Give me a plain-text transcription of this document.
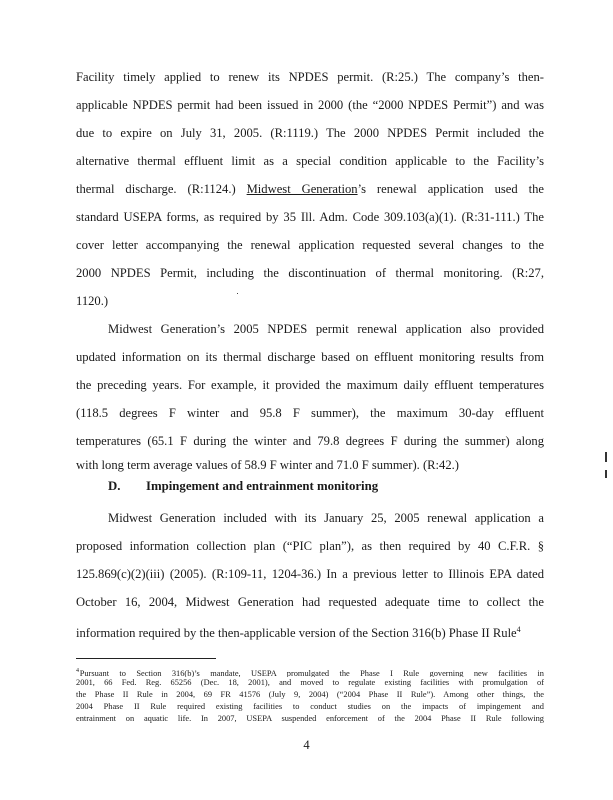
Facility timely applied to renew its NPDES permit. (R:25.) The company’s then-
applicable NPDES permit had been issued in 2000 (the “2000 NPDES Permit”) and was
due to expire on July 31, 2005. (R:1119.) The 2000 NPDES Permit included the
alternative thermal effluent limit as a special condition applicable to the Facility’s
thermal discharge. (R:1124.) Midwest Generation’s renewal application used the
standard USEPA forms, as required by 35 Ill. Adm. Code 309.103(a)(1). (R:31-111.) The
cover letter accompanying the renewal application requested several changes to the
2000 NPDES Permit, including the discontinuation of thermal monitoring. (R:27,
1120.)
Midwest Generation’s 2005 NPDES permit renewal application also provided
updated information on its thermal discharge based on effluent monitoring results from
the preceding years. For example, it provided the maximum daily effluent temperatures
(118.5 degrees F winter and 95.8 F summer), the maximum 30-day effluent
temperatures (65.1 F during the winter and 79.8 degrees F during the summer) along
with long term average values of 58.9 F winter and 71.0 F summer). (R:42.)
D. Impingement and entrainment monitoring
Midwest Generation included with its January 25, 2005 renewal application a
proposed information collection plan (“PIC plan”), as then required by 40 C.F.R. §
125.869(c)(2)(iii) (2005). (R:109-11, 1204-36.) In a previous letter to Illinois EPA dated
October 16, 2004, Midwest Generation had requested adequate time to collect the
information required by the then-applicable version of the Section 316(b) Phase II Rule$^4$
$^4$ Pursuant to Section 316(b)’s mandate, USEPA promulgated the Phase I Rule governing new facilities in
2001, 66 Fed. Reg. 65256 (Dec. 18, 2001), and moved to regulate existing facilities with promulgation of
the Phase II Rule in 2004, 69 FR 41576 (July 9, 2004) (“2004 Phase II Rule”). Among other things, the
2004 Phase II Rule required existing facilities to conduct studies on the impacts of impingement and
entrainment on aquatic life. In 2007, USEPA suspended enforcement of the 2004 Phase II Rule following
4
